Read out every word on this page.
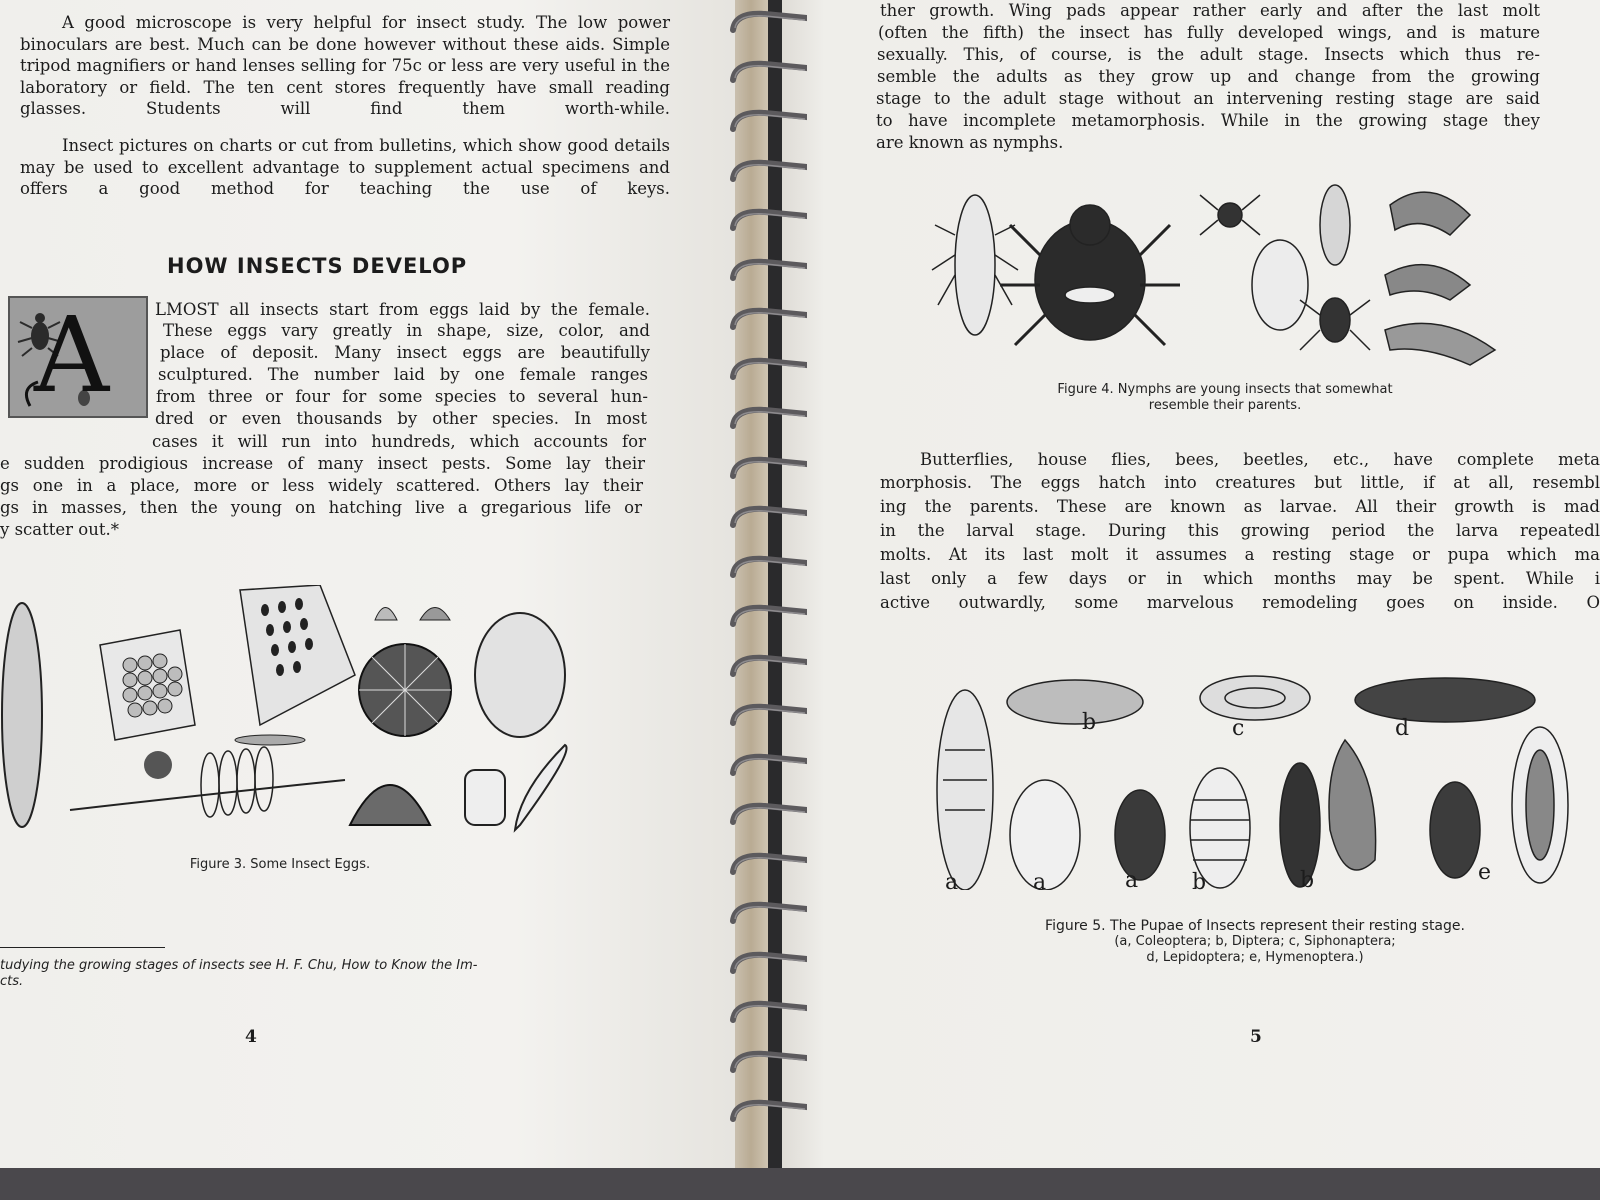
A good microscope is very helpful for insect study. The low power binoculars are best. Much can be done however without these aids. Simple tripod magnifiers or hand lenses selling for 75c or less are very useful in the laboratory or field. The ten cent stores frequently have small reading glasses. Students will find them worth-while.
Insect pictures on charts or cut from bulletins, which show good details may be used to excellent advantage to supplement actual specimens and offers a good method for teaching the use of keys.
HOW INSECTS DEVELOP
A	LMOST all insects start from eggs laid by the female.
These eggs vary greatly in shape, size, color, and
place of deposit. Many insect eggs are beautifully
sculptured. The number laid by one female ranges
from three or four for some species to several hun-
dred or even thousands by other species. In most
cases it will run into hundreds, which accounts for
e sudden prodigious increase of many insect pests. Some lay their
gs one in a place, more or less widely scattered. Others lay their
gs in masses, then the young on hatching live a gregarious life or
y scatter out.*
Figure 3. Some Insect Eggs.
tudying the growing stages of insects see H. F. Chu, How to Know the Im-
cts.
4
ther growth. Wing pads appear rather early and after the last molt
(often the fifth) the insect has fully developed wings, and is mature
sexually. This, of course, is the adult stage. Insects which thus re-
semble the adults as they grow up and change from the growing
stage to the adult stage without an intervening resting stage are said
to have incomplete metamorphosis. While in the growing stage they
are known as nymphs.
Figure 4. Nymphs are young insects that somewhat
resemble their parents.
Butterflies, house flies, bees, beetles, etc., have complete meta
morphosis. The eggs hatch into creatures but little, if at all, resembl
ing the parents. These are known as larvae. All their growth is mad
in the larval stage. During this growing period the larva repeatedl
molts. At its last molt it assumes a resting stage or pupa which ma
last only a few days or in which months may be spent. While i
active outwardly, some marvelous remodeling goes on inside. O
b	c	d
a	a	a b	b	e
Figure 5. The Pupae of Insects represent their resting stage.
(a, Coleoptera; b, Diptera; c, Siphonaptera;
d, Lepidoptera; e, Hymenoptera.)
5
